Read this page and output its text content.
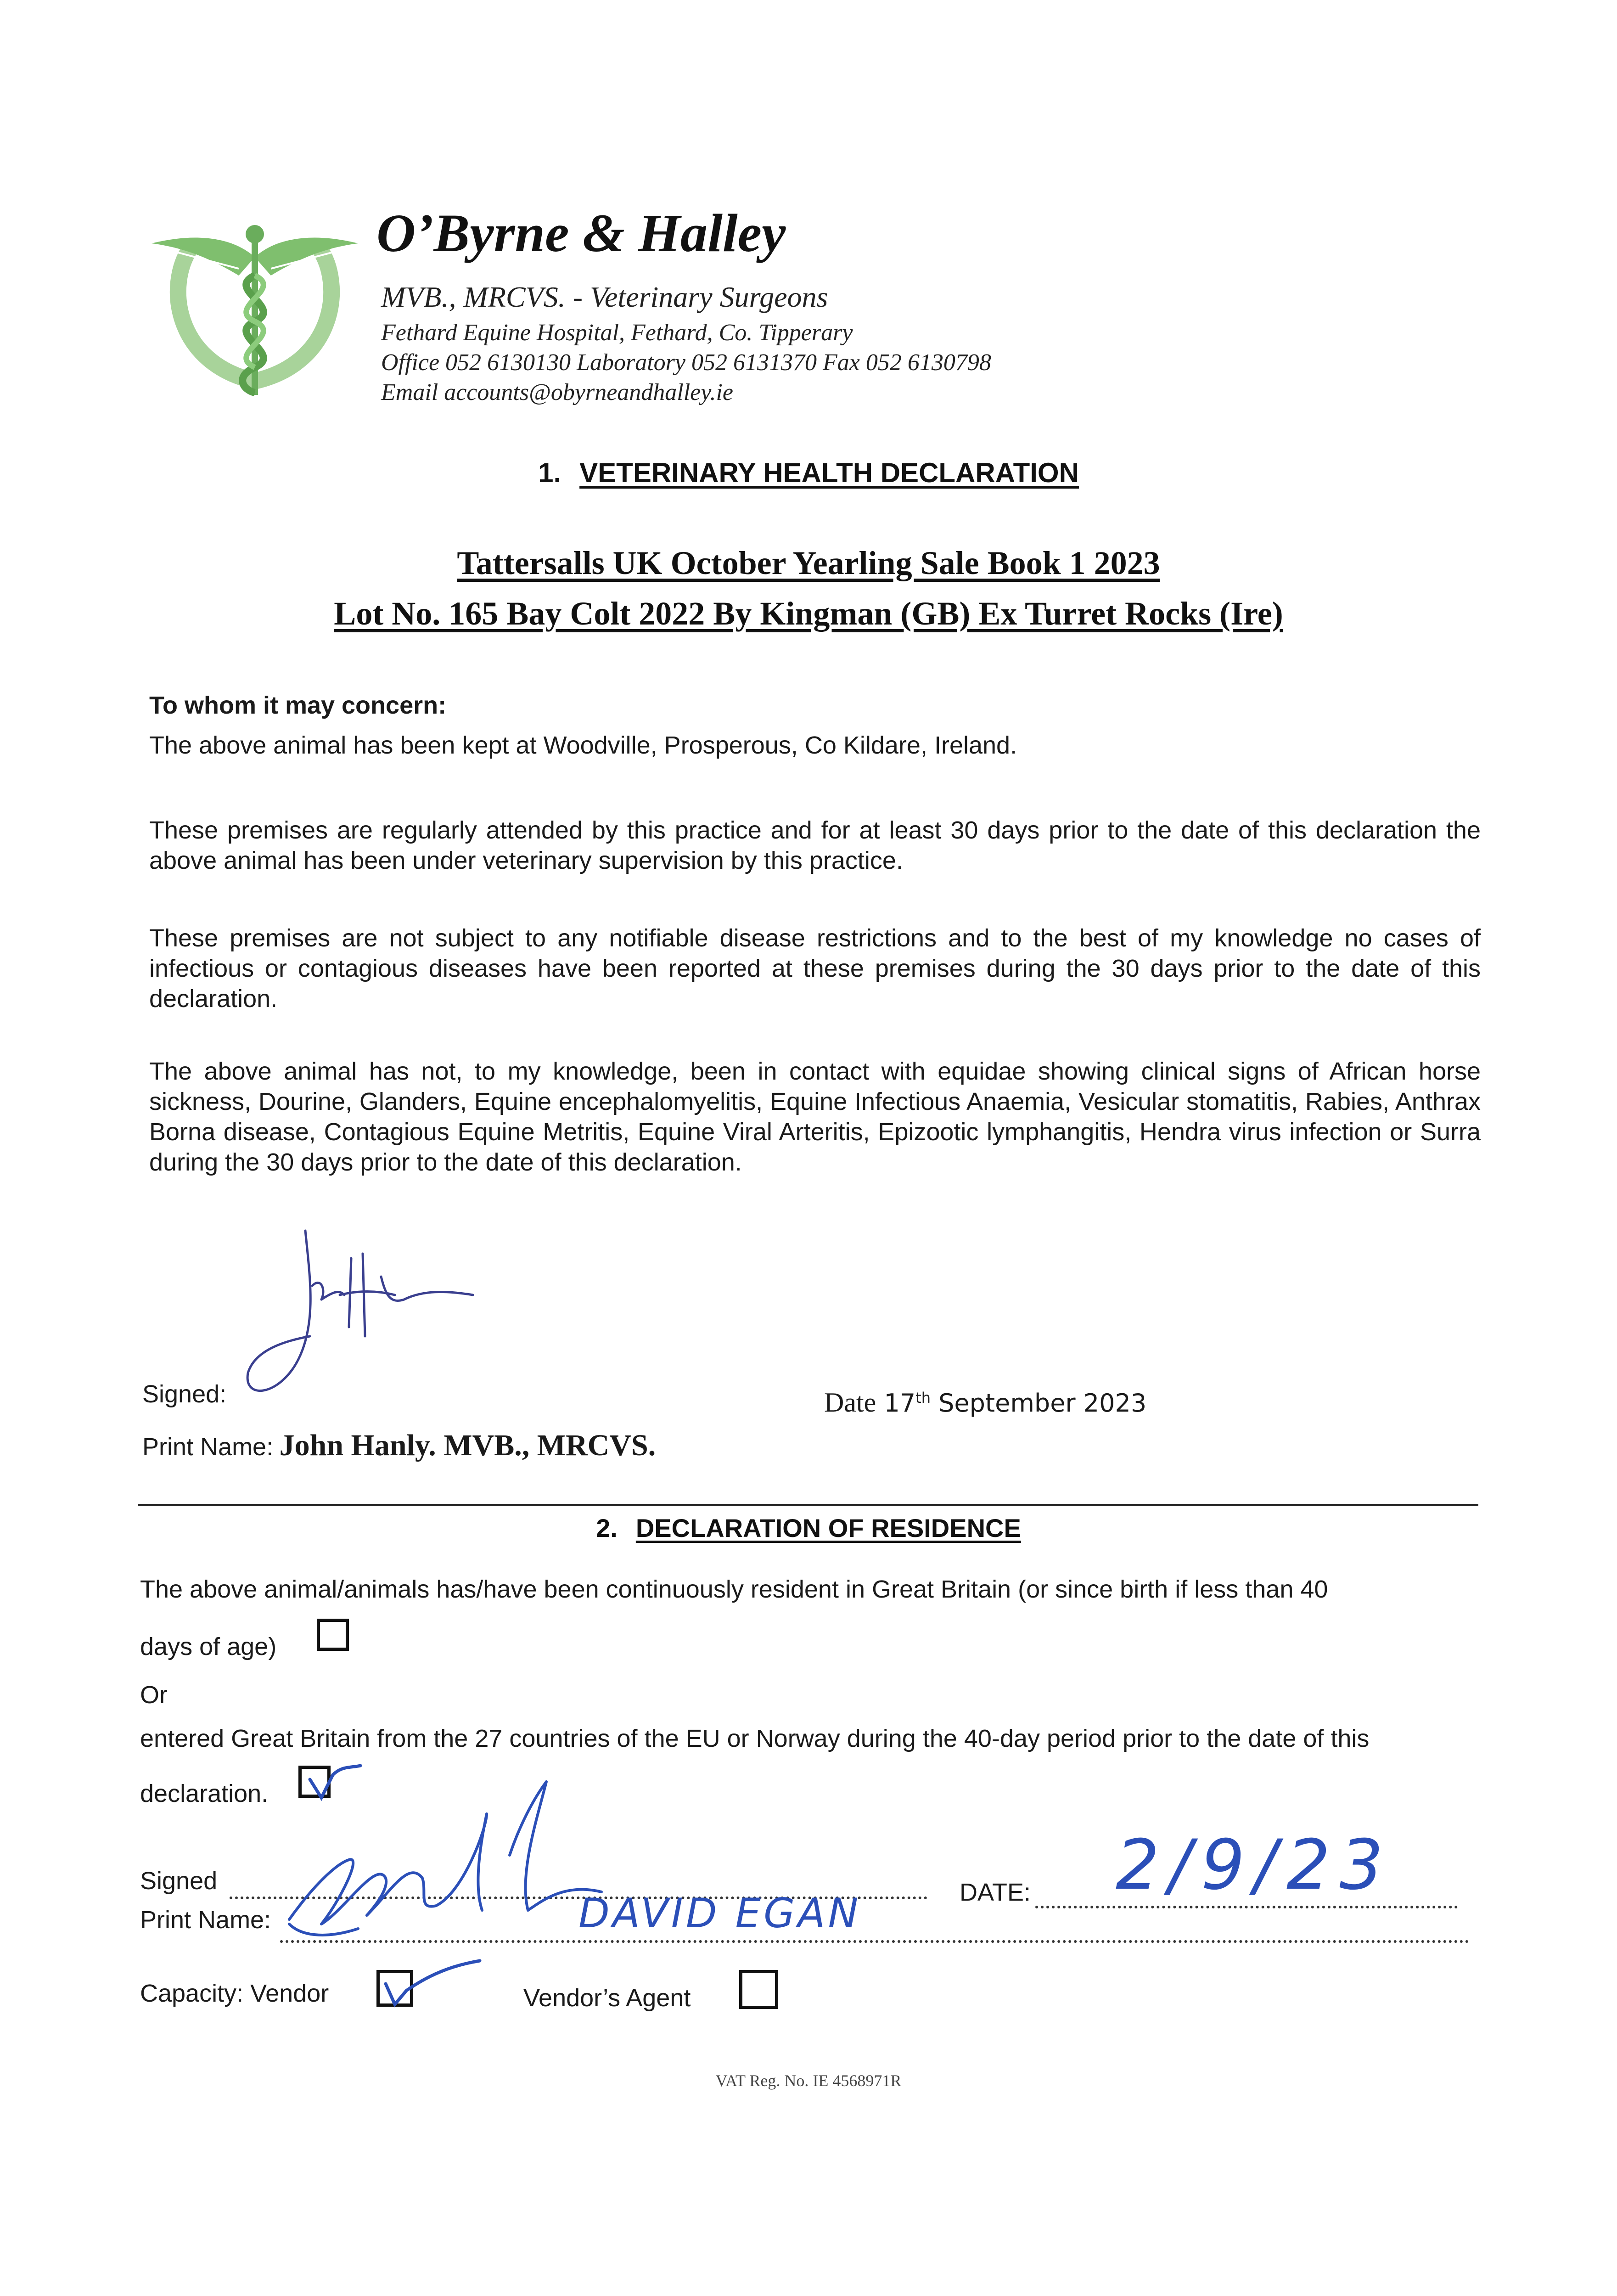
O’Byrne & Halley
MVB., MRCVS. - Veterinary Surgeons
Fethard Equine Hospital, Fethard, Co. Tipperary
Office 052 6130130 Laboratory 052 6131370 Fax 052 6130798
Email accounts@obyrneandhalley.ie
1. VETERINARY HEALTH DECLARATION
Tattersalls UK October Yearling Sale Book 1 2023
Lot No. 165 Bay Colt 2022 By Kingman (GB) Ex Turret Rocks (Ire)
To whom it may concern:
The above animal has been kept at Woodville, Prosperous, Co Kildare, Ireland.
These premises are regularly attended by this practice and for at least 30 days prior to the date of this declaration the above animal has been under veterinary supervision by this practice.
These premises are not subject to any notifiable disease restrictions and to the best of my knowledge no cases of infectious or contagious diseases have been reported at these premises during the 30 days prior to the date of this declaration.
The above animal has not, to my knowledge, been in contact with equidae showing clinical signs of African horse sickness, Dourine, Glanders, Equine encephalomyelitis, Equine Infectious Anaemia, Vesicular stomatitis, Rabies, Anthrax Borna disease, Contagious Equine Metritis, Equine Viral Arteritis, Epizootic lymphangitis, Hendra virus infection or Surra during the 30 days prior to the date of this declaration.
Signed:	Date 17th September 2023
Print Name: John Hanly. MVB., MRCVS.
2. DECLARATION OF RESIDENCE
The above animal/animals has/have been continuously resident in Great Britain (or since birth if less than 40
days of age)
Or
entered Great Britain from the 27 countries of the EU or Norway during the 40-day period prior to the date of this
declaration.
Signed	DATE: 2/9/23
Print Name:	DAVID EGAN
Capacity: Vendor	Vendor’s Agent
VAT Reg. No. IE 4568971R
